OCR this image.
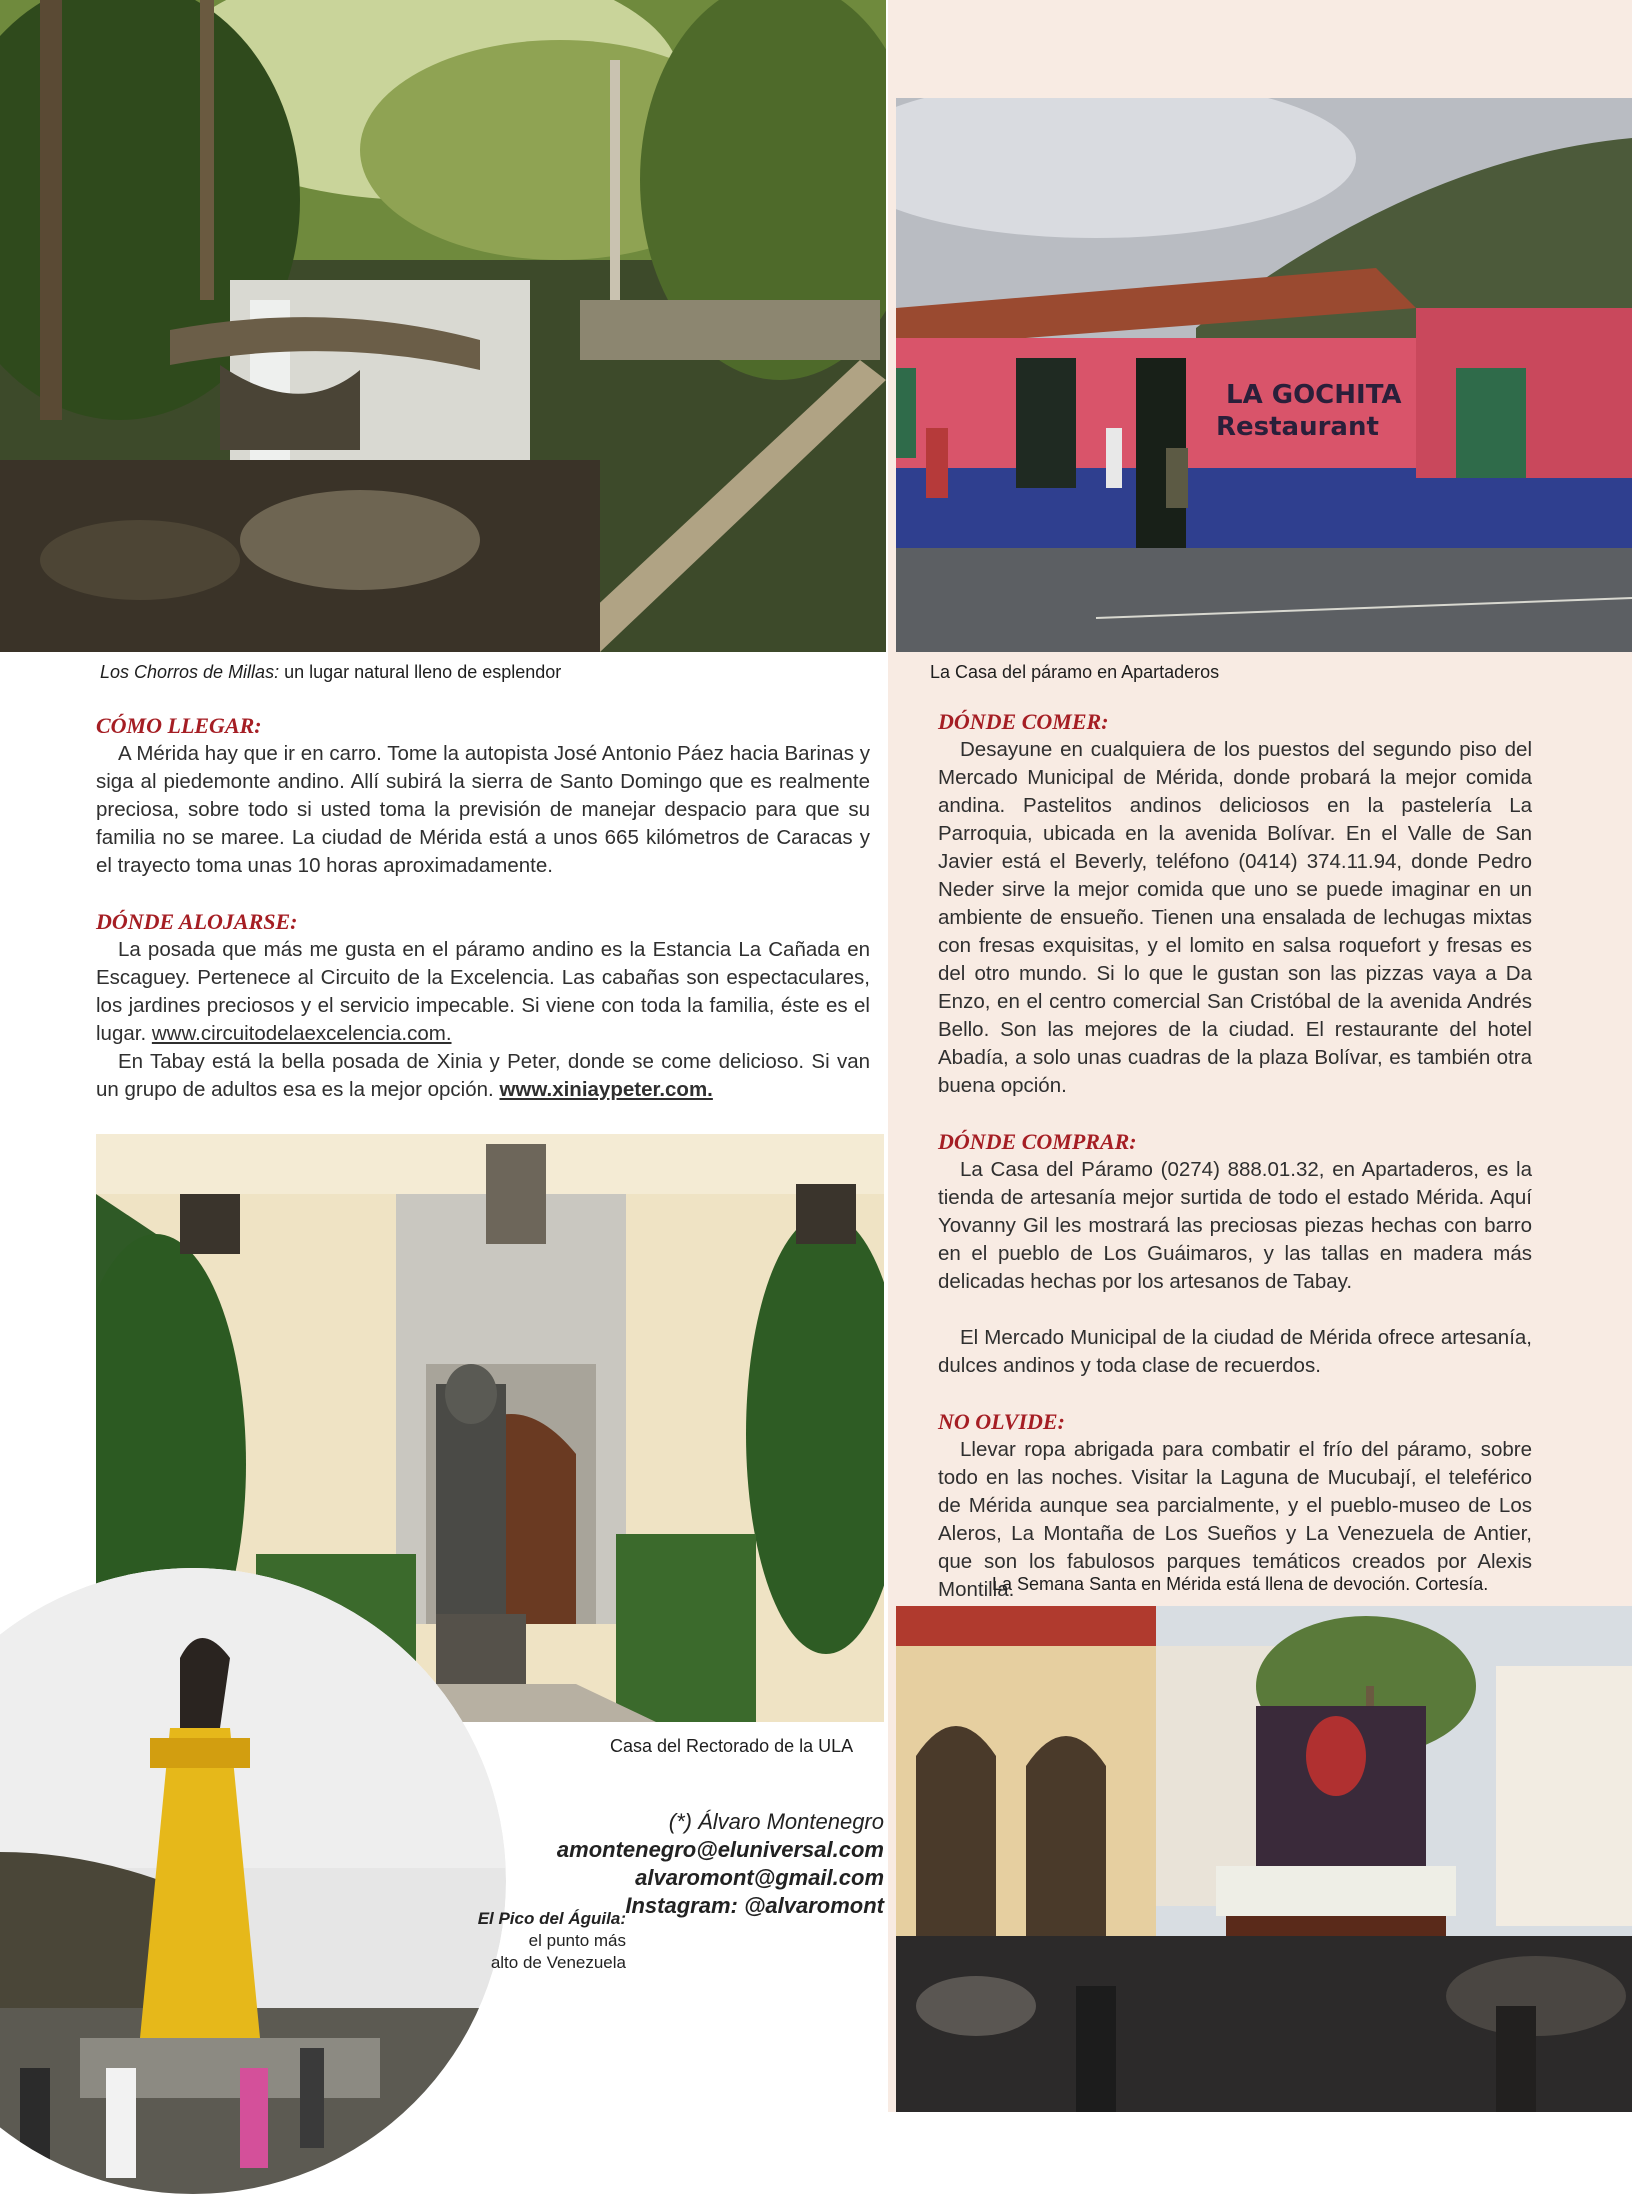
LA GOCHITA
Restaurant
Los Chorros de Millas: un lugar natural lleno de esplendor	La Casa del páramo en Apartaderos

CÓMO LLEGAR:

A Mérida hay que ir en carro. Tome la autopista José Antonio Páez hacia Barinas y siga al piedemonte andino. Allí subirá la sierra de Santo Domingo que es realmente preciosa, sobre todo si usted toma la previsión de manejar despacio para que su familia no se maree. La ciudad de Mérida está a unos 665 kilómetros de Caracas y el trayecto toma unas 10 horas aproximadamente.

DÓNDE ALOJARSE:

La posada que más me gusta en el páramo andino es la Estancia La Cañada en Escaguey. Pertenece al Circuito de la Excelencia. Las cabañas son espectaculares, los jardines preciosos y el servicio impecable. Si viene con toda la familia, éste es el lugar. www.circuitodelaexcelencia.com.

En Tabay está la bella posada de Xinia y Peter, donde se come delicioso. Si van un grupo de adultos esa es la mejor opción. www.xiniaypeter.com.

DÓNDE COMER:

Desayune en cualquiera de los puestos del segundo piso del Mercado Municipal de Mérida, donde probará la mejor comida andina. Pastelitos andinos deliciosos en la pastelería La Parroquia, ubicada en la avenida Bolívar. En el Valle de San Javier está el Beverly, teléfono (0414) 374.11.94, donde Pedro Neder sirve la mejor comida que uno se puede imaginar en un ambiente de ensueño. Tienen una ensalada de lechugas mixtas con fresas exquisitas, y el lomito en salsa roquefort y fresas es del otro mundo. Si lo que le gustan son las pizzas vaya a Da Enzo, en el centro comercial San Cristóbal de la avenida Andrés Bello. Son las mejores de la ciudad. El restaurante del hotel Abadía, a solo unas cuadras de la plaza Bolívar, es también otra buena opción.

DÓNDE COMPRAR:

La Casa del Páramo (0274) 888.01.32, en Apartaderos, es la tienda de artesanía mejor surtida de todo el estado Mérida. Aquí Yovanny Gil les mostrará las preciosas piezas hechas con barro en el pueblo de Los Guáimaros, y las tallas en madera más delicadas hechas por los artesanos de Tabay.

El Mercado Municipal de la ciudad de Mérida ofrece artesanía, dulces andinos y toda clase de recuerdos.

NO OLVIDE:

Llevar ropa abrigada para combatir el frío del páramo, sobre todo en las noches. Visitar la Laguna de Mucubají, el teleférico de Mérida aunque sea parcialmente, y el pueblo-museo de Los Aleros, La Montaña de Los Sueños y La Venezuela de Antier, que son los fabulosos parques temáticos creados por Alexis Montilla.

Casa del Rectorado de la ULA
(*) Álvaro Montenegro
amontenegro@eluniversal.com
alvaromont@gmail.com
Instagram: @alvaromont
El Pico del Águila:
el punto más
alto de Venezuela
La Semana Santa en Mérida está llena de devoción. Cortesía.
